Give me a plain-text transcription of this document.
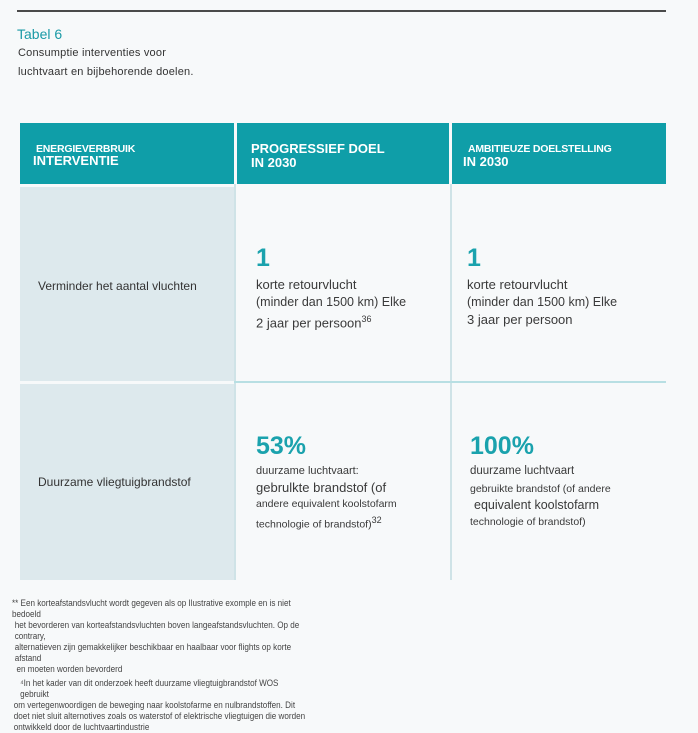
Tabel 6
Consumptie interventies voor
luchtvaart en bijbehorende doelen.
ENERGIEVERBRUIK
INTERVENTIE
PROGRESSIEF DOEL
IN 2030
AMBITIEUZE DOELSTELLING
IN 2030
Verminder het aantal vluchten
Duurzame vliegtuigbrandstof
1
korte retourvlucht
(minder dan 1500 km) Elke
2 jaar per persoon$^{36}$
1
korte retourvlucht
(minder dan 1500 km) Elke
3 jaar per persoon
53%
duurzame luchtvaart:
gebrulkte brandstof (of
andere equivalent koolstofarm
technologie of brandstof)$^{32}$
100%
duurzame luchtvaart
gebruikte brandstof (of andere
equivalent koolstofarm
technologie of brandstof)
** Een korteafstandsvlucht wordt gegeven als op Ilustrative exomple en is niet bedoeld
het bevorderen van korteafstandsvluchten boven langeafstandsvluchten. Op de contrary,
alternatieven zijn gemakkelijker beschikbaar en haalbaar voor flights op korte afstand
en moeten worden bevorderd
⁴In het kader van dit onderzoek heeft duurzame vliegtuigbrandstof WOS gebruikt
om vertegenwoordigen de beweging naar koolstofarme en nulbrandstoffen. Dit
doet niet sluit alternotives zoals os waterstof of elektrische vliegtuigen die worden
ontwikkeld door de luchtvaartindustrie
